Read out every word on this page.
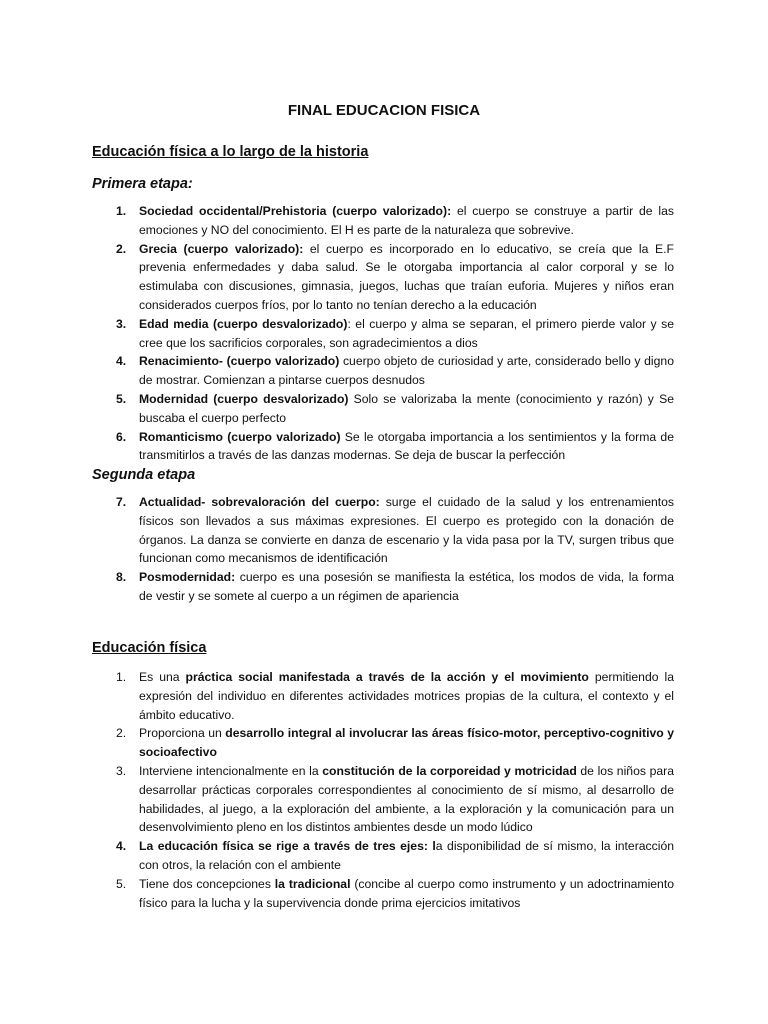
FINAL EDUCACION FISICA
Educación física a lo largo de la historia
Primera etapa:
1. Sociedad occidental/Prehistoria (cuerpo valorizado): el cuerpo se construye a partir de las emociones y NO del conocimiento. El H es parte de la naturaleza que sobrevive.
2. Grecia (cuerpo valorizado): el cuerpo es incorporado en lo educativo, se creía que la E.F prevenia enfermedades y daba salud. Se le otorgaba importancia al calor corporal y se lo estimulaba con discusiones, gimnasia, juegos, luchas que traían euforia. Mujeres y niños eran considerados cuerpos fríos, por lo tanto no tenían derecho a la educación
3. Edad media (cuerpo desvalorizado): el cuerpo y alma se separan, el primero pierde valor y se cree que los sacrificios corporales, son agradecimientos a dios
4. Renacimiento- (cuerpo valorizado) cuerpo objeto de curiosidad y arte, considerado bello y digno de mostrar. Comienzan a pintarse cuerpos desnudos
5. Modernidad (cuerpo desvalorizado) Solo se valorizaba la mente (conocimiento y razón) y Se buscaba el cuerpo perfecto
6. Romanticismo (cuerpo valorizado) Se le otorgaba importancia a los sentimientos y la forma de transmitirlos a través de las danzas modernas. Se deja de buscar la perfección
Segunda etapa
7. Actualidad- sobrevaloración del cuerpo: surge el cuidado de la salud y los entrenamientos físicos son llevados a sus máximas expresiones. El cuerpo es protegido con la donación de órganos. La danza se convierte en danza de escenario y la vida pasa por la TV, surgen tribus que funcionan como mecanismos de identificación
8. Posmodernidad: cuerpo es una posesión se manifiesta la estética, los modos de vida, la forma de vestir y se somete al cuerpo a un régimen de apariencia
Educación física
1. Es una práctica social manifestada a través de la acción y el movimiento permitiendo la expresión del individuo en diferentes actividades motrices propias de la cultura, el contexto y el ámbito educativo.
2. Proporciona un desarrollo integral al involucrar las áreas físico-motor, perceptivo-cognitivo y socioafectivo
3. Interviene intencionalmente en la constitución de la corporeidad y motricidad de los niños para desarrollar prácticas corporales correspondientes al conocimiento de sí mismo, al desarrollo de habilidades, al juego, a la exploración del ambiente, a la exploración y la comunicación para un desenvolvimiento pleno en los distintos ambientes desde un modo lúdico
4. La educación física se rige a través de tres ejes: la disponibilidad de sí mismo, la interacción con otros, la relación con el ambiente
5. Tiene dos concepciones la tradicional (concibe al cuerpo como instrumento y un adoctrinamiento físico para la lucha y la supervivencia donde prima ejercicios imitativos
